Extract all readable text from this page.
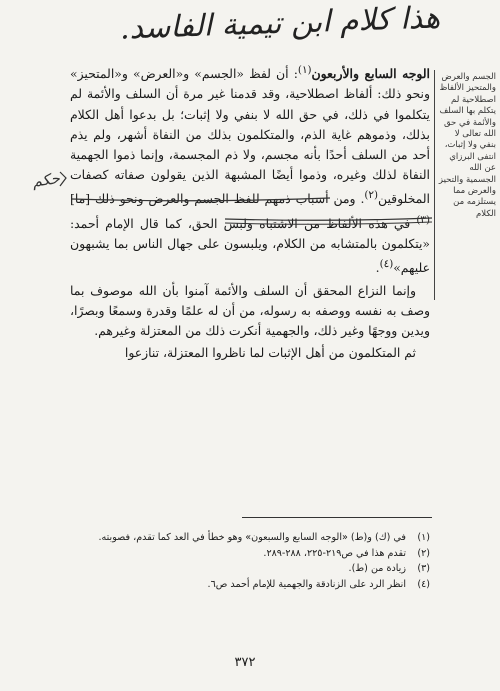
هذا كلام ابن تيمية الفاسد.
الجسم والعرض والمتحيز الألفاظ اصطلاحية لم يتكلم بها السلف والأئمة في حق الله تعالى لا بنفي ولا إثبات، انتفى البرزاي عن الله الجسمية والتحيز والعرض مما يستلزمه من الكلام
حكم

الوجه السابع والأربعون$^{(١)}$: أن لفظ «الجسم» و«العرض» و«المتحيز» ونحو ذلك: ألفاظ اصطلاحية، وقد قدمنا غير مرة أن السلف والأئمة لم يتكلموا في ذلك، في حق الله لا بنفي ولا إثبات؛ بل بدعوا أهل الكلام بذلك، وذموهم غاية الذم، والمتكلمون بذلك من النفاة أشهر، ولم يذم أحد من السلف أحدًا بأنه مجسم، ولا ذم المجسمة، وإنما ذموا الجهمية النفاة لذلك وغيره، وذموا أيضًا المشبهة الذين يقولون صفاته كصفات المخلوقين$^{(٢)}$. ومن أسباب ذمهم للفظ الجسم والعرض ونحو ذلك [ما]$^{(٣)}$ في هذه الألفاظ من الاشتباه ولبس الحق، كما قال الإمام أحمد: «يتكلمون بالمتشابه من الكلام، ويلبسون على جهال الناس بما يشبهون عليهم»$^{(٤)}$.

وإنما النزاع المحقق أن السلف والأئمة آمنوا بأن الله موصوف بما وصف به نفسه ووصفه به رسوله، من أن له علمًا وقدرة وسمعًا وبصرًا، ويدين ووجهًا وغير ذلك، والجهمية أنكرت ذلك من المعتزلة وغيرهم.

ثم المتكلمون من أهل الإثبات لما ناظروا المعتزلة، تنازعوا

(١)
في (ك) و(ط) «الوجه السابع والسبعون» وهو خطأ في العد كما تقدم، فصوبته.
(٢)
تقدم هذا في ص٢١٩-٢٢٥، ٢٨٨-٢٨٩.
(٣)
زيادة من (ط).
(٤)
انظر الرد على الزنادقة والجهمية للإمام أحمد ص٦.
٣٧٢
